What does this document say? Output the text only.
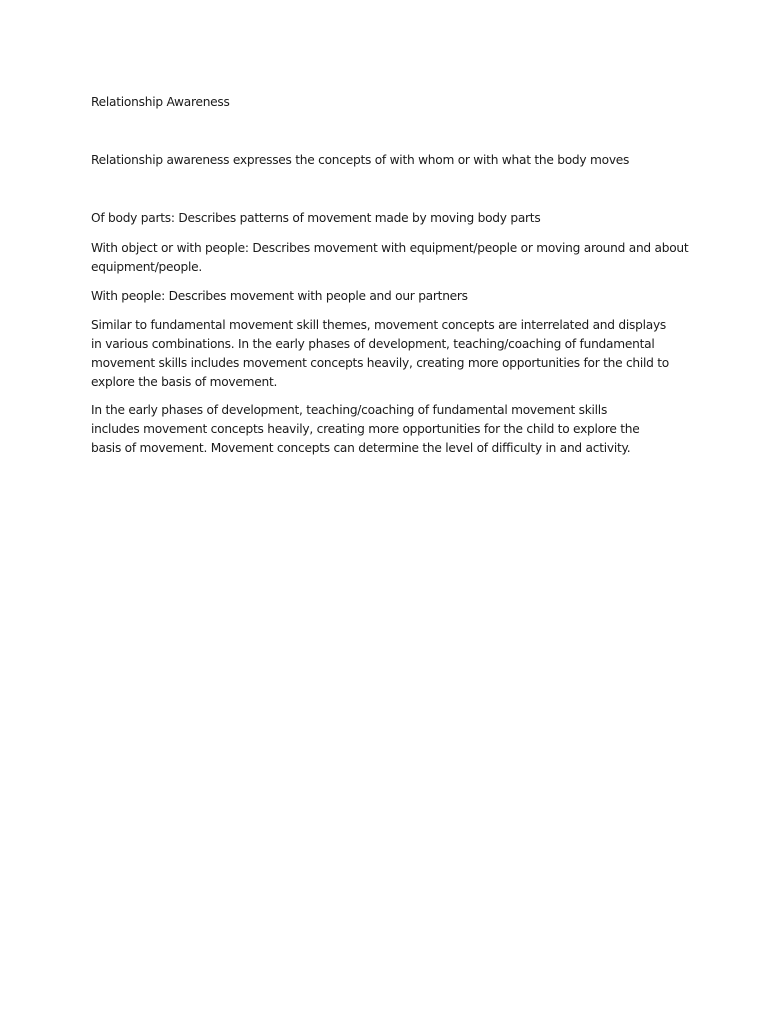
Relationship Awareness

Relationship awareness expresses the concepts of with whom or with what the body moves

Of body parts: Describes patterns of movement made by moving body parts

With object or with people: Describes movement with equipment/people or moving around and about equipment/people.

With people: Describes movement with people and our partners

Similar to fundamental movement skill themes, movement concepts are interrelated and displays in various combinations. In the early phases of development, teaching/coaching of fundamental movement skills includes movement concepts heavily, creating more opportunities for the child to explore the basis of movement.

In the early phases of development, teaching/coaching of fundamental movement skills includes movement concepts heavily, creating more opportunities for the child to explore the basis of movement. Movement concepts can determine the level of difficulty in and activity.
